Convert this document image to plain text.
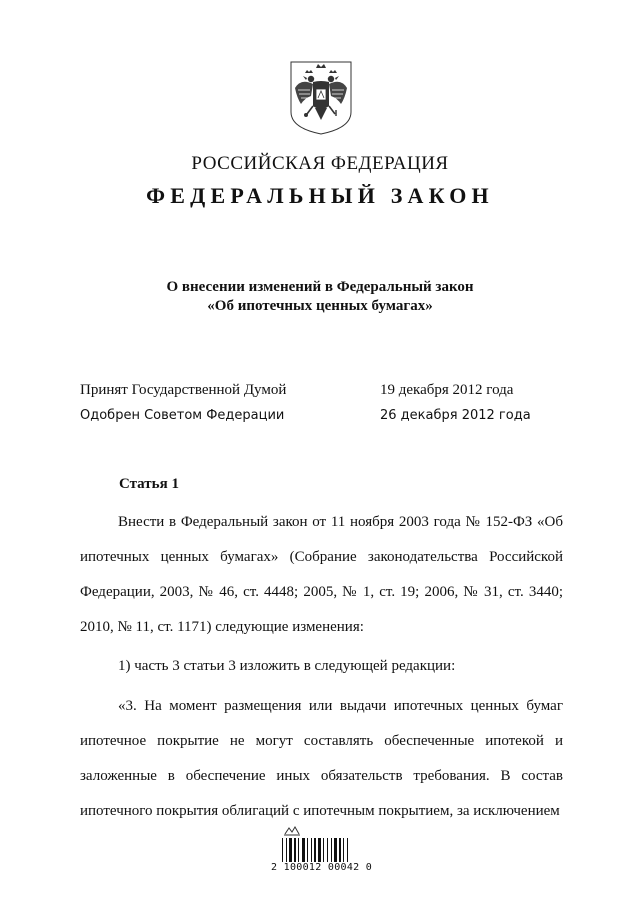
РОССИЙСКАЯ ФЕДЕРАЦИЯ
ФЕДЕРАЛЬНЫЙ ЗАКОН
О внесении изменений в Федеральный закон
«Об ипотечных ценных бумагах»
Принят Государственной Думой	19 декабря 2012 года
Одобрен Советом Федерации	26 декабря 2012 года
Статья 1

Внести в Федеральный закон от 11 ноября 2003 года № 152-ФЗ «Об ипотечных ценных бумагах» (Собрание законодательства Российской Федерации, 2003, № 46, ст. 4448; 2005, № 1, ст. 19; 2006, № 31, ст. 3440; 2010, № 11, ст. 1171) следующие изменения:

1) часть 3 статьи 3 изложить в следующей редакции:

«3. На момент размещения или выдачи ипотечных ценных бумаг ипотечное покрытие не могут составлять обеспеченные ипотекой и заложенные в обеспечение иных обязательств требования. В состав ипотечного покрытия облигаций с ипотечным покрытием, за исключением

2 100012 00042 0
